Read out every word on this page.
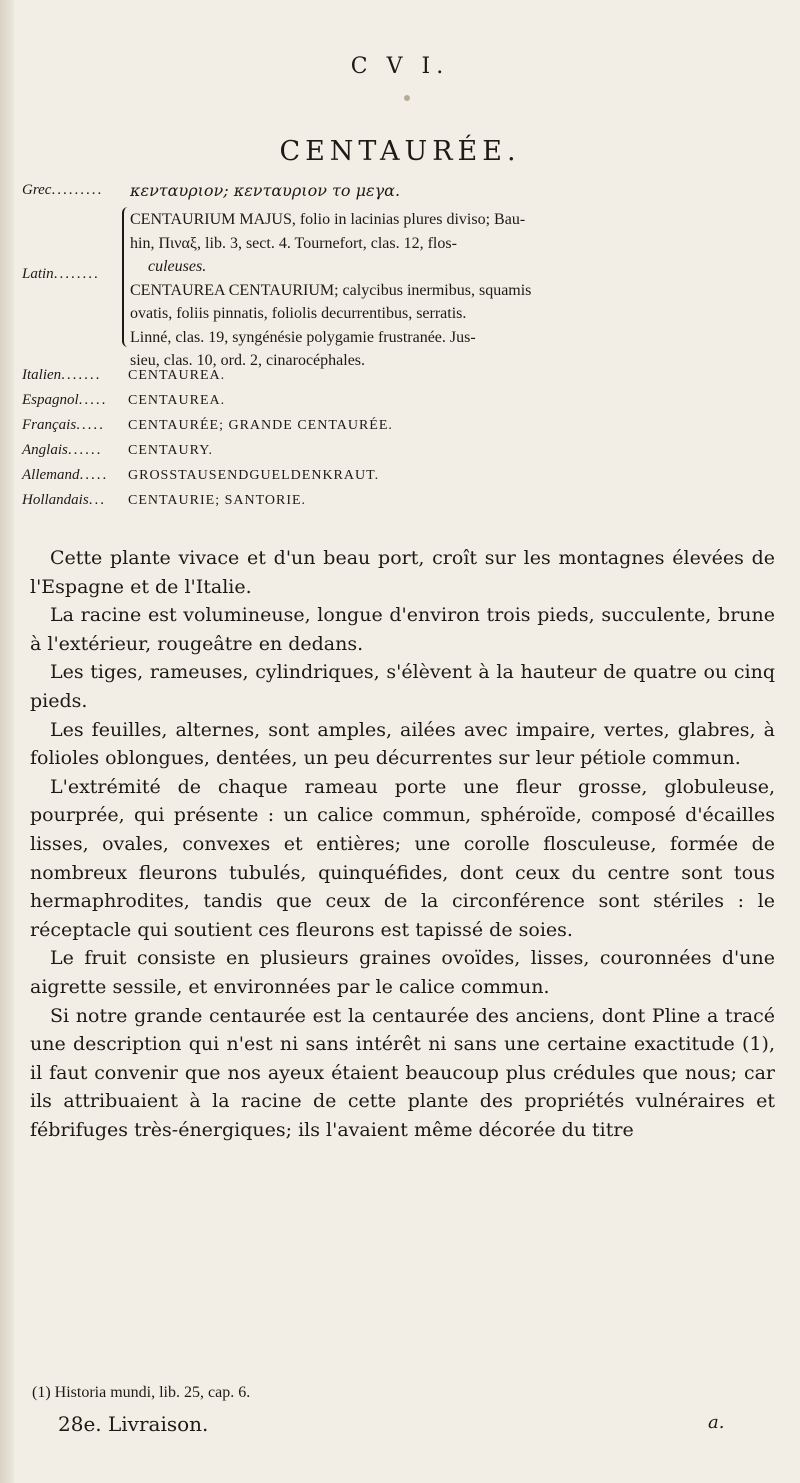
C V I.
CENTAURÉE.
Grec......... κενταυριον; κενταυριον το μεγα.
Latin........

CENTAURIUM MAJUS, folio in lacinias plures diviso; Bau-

hin, Πιναξ, lib. 3, sect. 4. Tournefort, clas. 12, flos-

culeuses.

CENTAUREA CENTAURIUM; calycibus inermibus, squamis

ovatis, foliis pinnatis, foliolis decurrentibus, serratis.

Linné, clas. 19, syngénésie polygamie frustranée. Jus-

sieu, clas. 10, ord. 2, cinarocéphales.

Italien....... CENTAUREA.
Espagnol..... CENTAUREA.
Français..... CENTAURÉE; GRANDE CENTAURÉE.
Anglais...... CENTAURY.
Allemand..... GROSSTAUSENDGUELDENKRAUT.
Hollandais... CENTAURIE; SANTORIE.

Cette plante vivace et d'un beau port, croît sur les montagnes élevées de l'Espagne et de l'Italie.

La racine est volumineuse, longue d'environ trois pieds, succulente, brune à l'extérieur, rougeâtre en dedans.

Les tiges, rameuses, cylindriques, s'élèvent à la hauteur de quatre ou cinq pieds.

Les feuilles, alternes, sont amples, ailées avec impaire, vertes, glabres, à folioles oblongues, dentées, un peu décurrentes sur leur pétiole commun.

L'extrémité de chaque rameau porte une fleur grosse, globuleuse, pourprée, qui présente : un calice commun, sphéroïde, composé d'écailles lisses, ovales, convexes et entières; une corolle flosculeuse, formée de nombreux fleurons tubulés, quinquéfides, dont ceux du centre sont tous hermaphrodites, tandis que ceux de la circonférence sont stériles : le réceptacle qui soutient ces fleurons est tapissé de soies.

Le fruit consiste en plusieurs graines ovoïdes, lisses, couronnées d'une aigrette sessile, et environnées par le calice commun.

Si notre grande centaurée est la centaurée des anciens, dont Pline a tracé une description qui n'est ni sans intérêt ni sans une certaine exactitude (1), il faut convenir que nos ayeux étaient beaucoup plus crédules que nous; car ils attribuaient à la racine de cette plante des propriétés vulnéraires et fébrifuges très-énergiques; ils l'avaient même décorée du titre

(1) Historia mundi, lib. 25, cap. 6.
28e. Livraison.	a.
